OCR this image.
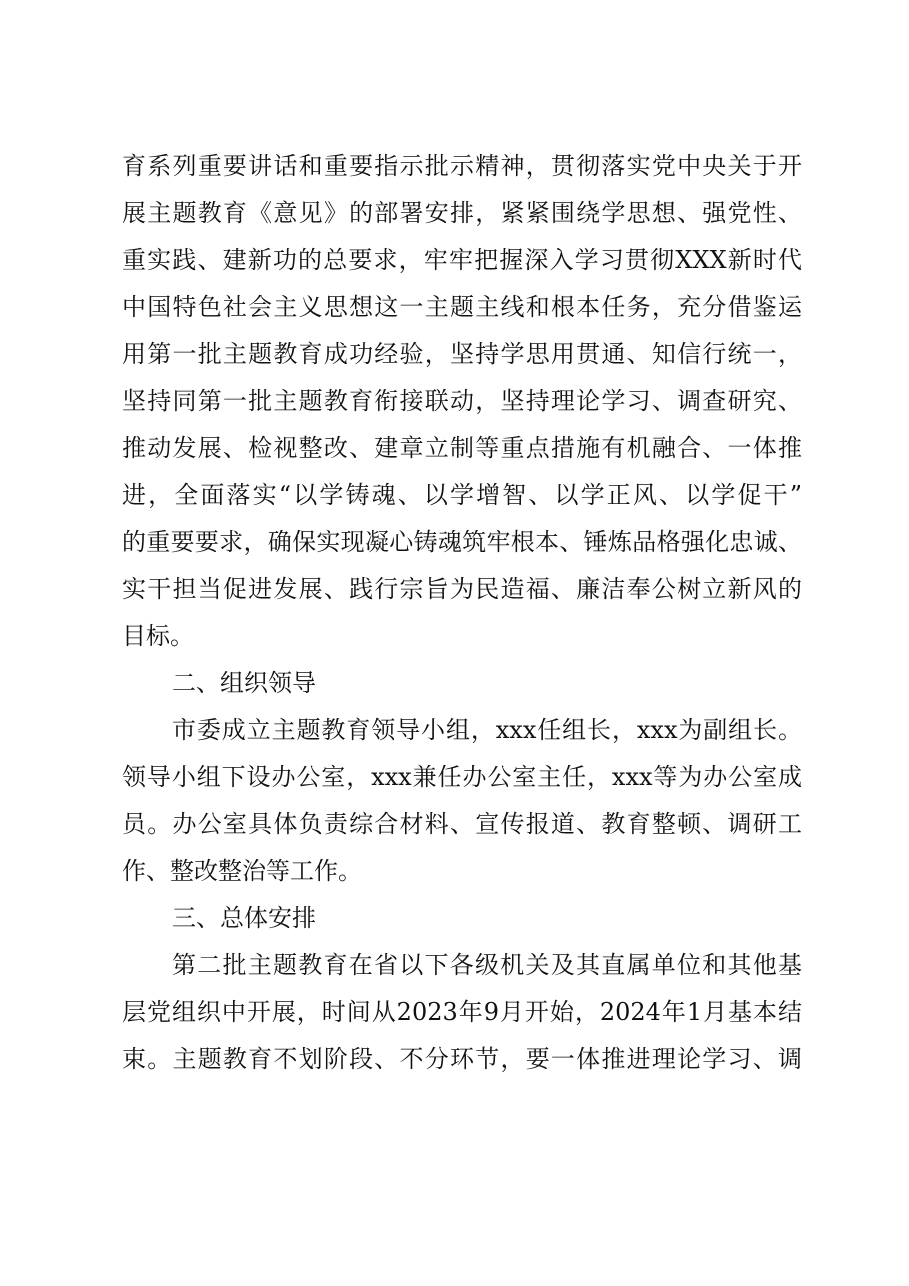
育系列重要讲话和重要指示批示精神，贯彻落实党中央关于开
展主题教育《意见》的部署安排，紧紧围绕学思想、强党性、
重实践、建新功的总要求，牢牢把握深入学习贯彻XXX新时代
中国特色社会主义思想这一主题主线和根本任务，充分借鉴运
用第一批主题教育成功经验，坚持学思用贯通、知信行统一，
坚持同第一批主题教育衔接联动，坚持理论学习、调查研究、
推动发展、检视整改、建章立制等重点措施有机融合、一体推
进，全面落实“以学铸魂、以学增智、以学正风、以学促干”
的重要要求，确保实现凝心铸魂筑牢根本、锤炼品格强化忠诚、
实干担当促进发展、践行宗旨为民造福、廉洁奉公树立新风的
目标。
二、组织领导
市委成立主题教育领导小组，xxx任组长，xxx为副组长。
领导小组下设办公室，xxx兼任办公室主任，xxx等为办公室成
员。办公室具体负责综合材料、宣传报道、教育整顿、调研工
作、整改整治等工作。
三、总体安排
第二批主题教育在省以下各级机关及其直属单位和其他基
层党组织中开展，时间从2023年9月开始，2024年1月基本结
束。主题教育不划阶段、不分环节，要一体推进理论学习、调
